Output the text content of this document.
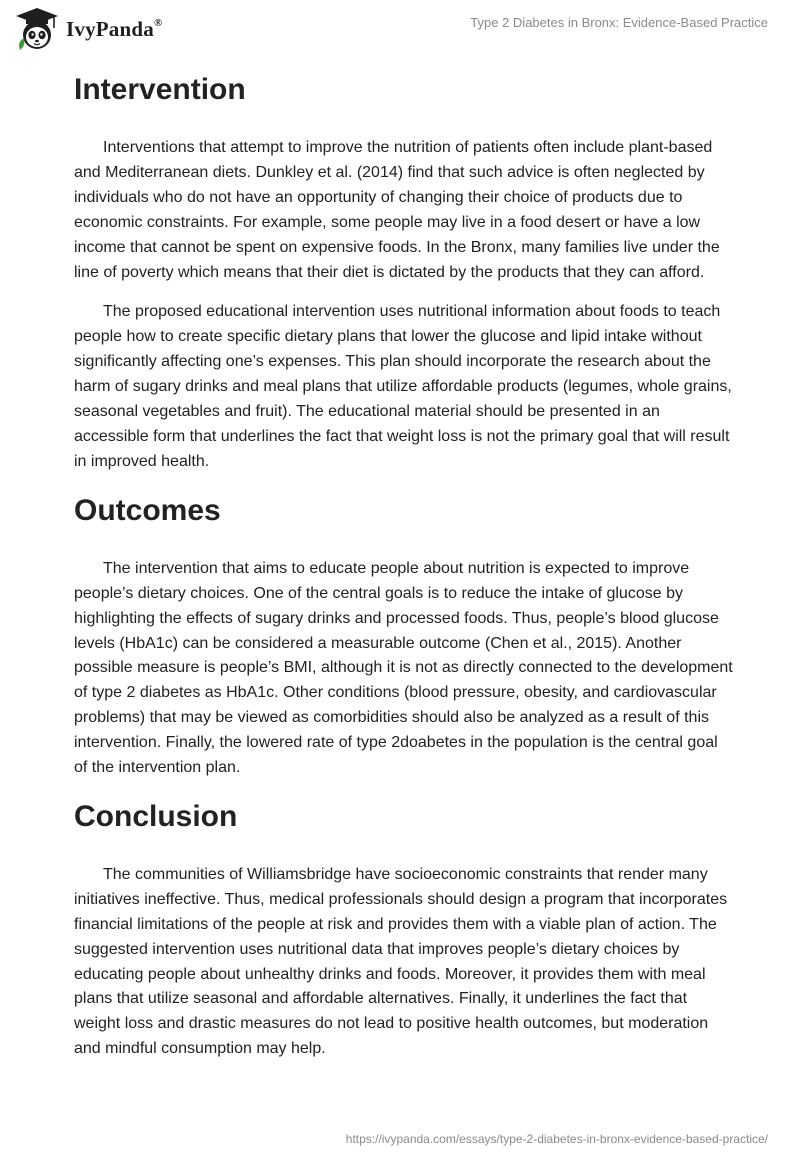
IvyPanda®	Type 2 Diabetes in Bronx: Evidence-Based Practice
Intervention

Interventions that attempt to improve the nutrition of patients often include plant-based and Mediterranean diets. Dunkley et al. (2014) find that such advice is often neglected by individuals who do not have an opportunity of changing their choice of products due to economic constraints. For example, some people may live in a food desert or have a low income that cannot be spent on expensive foods. In the Bronx, many families live under the line of poverty which means that their diet is dictated by the products that they can afford.

The proposed educational intervention uses nutritional information about foods to teach people how to create specific dietary plans that lower the glucose and lipid intake without significantly affecting one’s expenses. This plan should incorporate the research about the harm of sugary drinks and meal plans that utilize affordable products (legumes, whole grains, seasonal vegetables and fruit). The educational material should be presented in an accessible form that underlines the fact that weight loss is not the primary goal that will result in improved health.

Outcomes

The intervention that aims to educate people about nutrition is expected to improve people’s dietary choices. One of the central goals is to reduce the intake of glucose by highlighting the effects of sugary drinks and processed foods. Thus, people’s blood glucose levels (HbA1c) can be considered a measurable outcome (Chen et al., 2015). Another possible measure is people’s BMI, although it is not as directly connected to the development of type 2 diabetes as HbA1c. Other conditions (blood pressure, obesity, and cardiovascular problems) that may be viewed as comorbidities should also be analyzed as a result of this intervention. Finally, the lowered rate of type 2doabetes in the population is the central goal of the intervention plan.

Conclusion

The communities of Williamsbridge have socioeconomic constraints that render many initiatives ineffective. Thus, medical professionals should design a program that incorporates financial limitations of the people at risk and provides them with a viable plan of action. The suggested intervention uses nutritional data that improves people’s dietary choices by educating people about unhealthy drinks and foods. Moreover, it provides them with meal plans that utilize seasonal and affordable alternatives. Finally, it underlines the fact that weight loss and drastic measures do not lead to positive health outcomes, but moderation and mindful consumption may help.

https://ivypanda.com/essays/type-2-diabetes-in-bronx-evidence-based-practice/
